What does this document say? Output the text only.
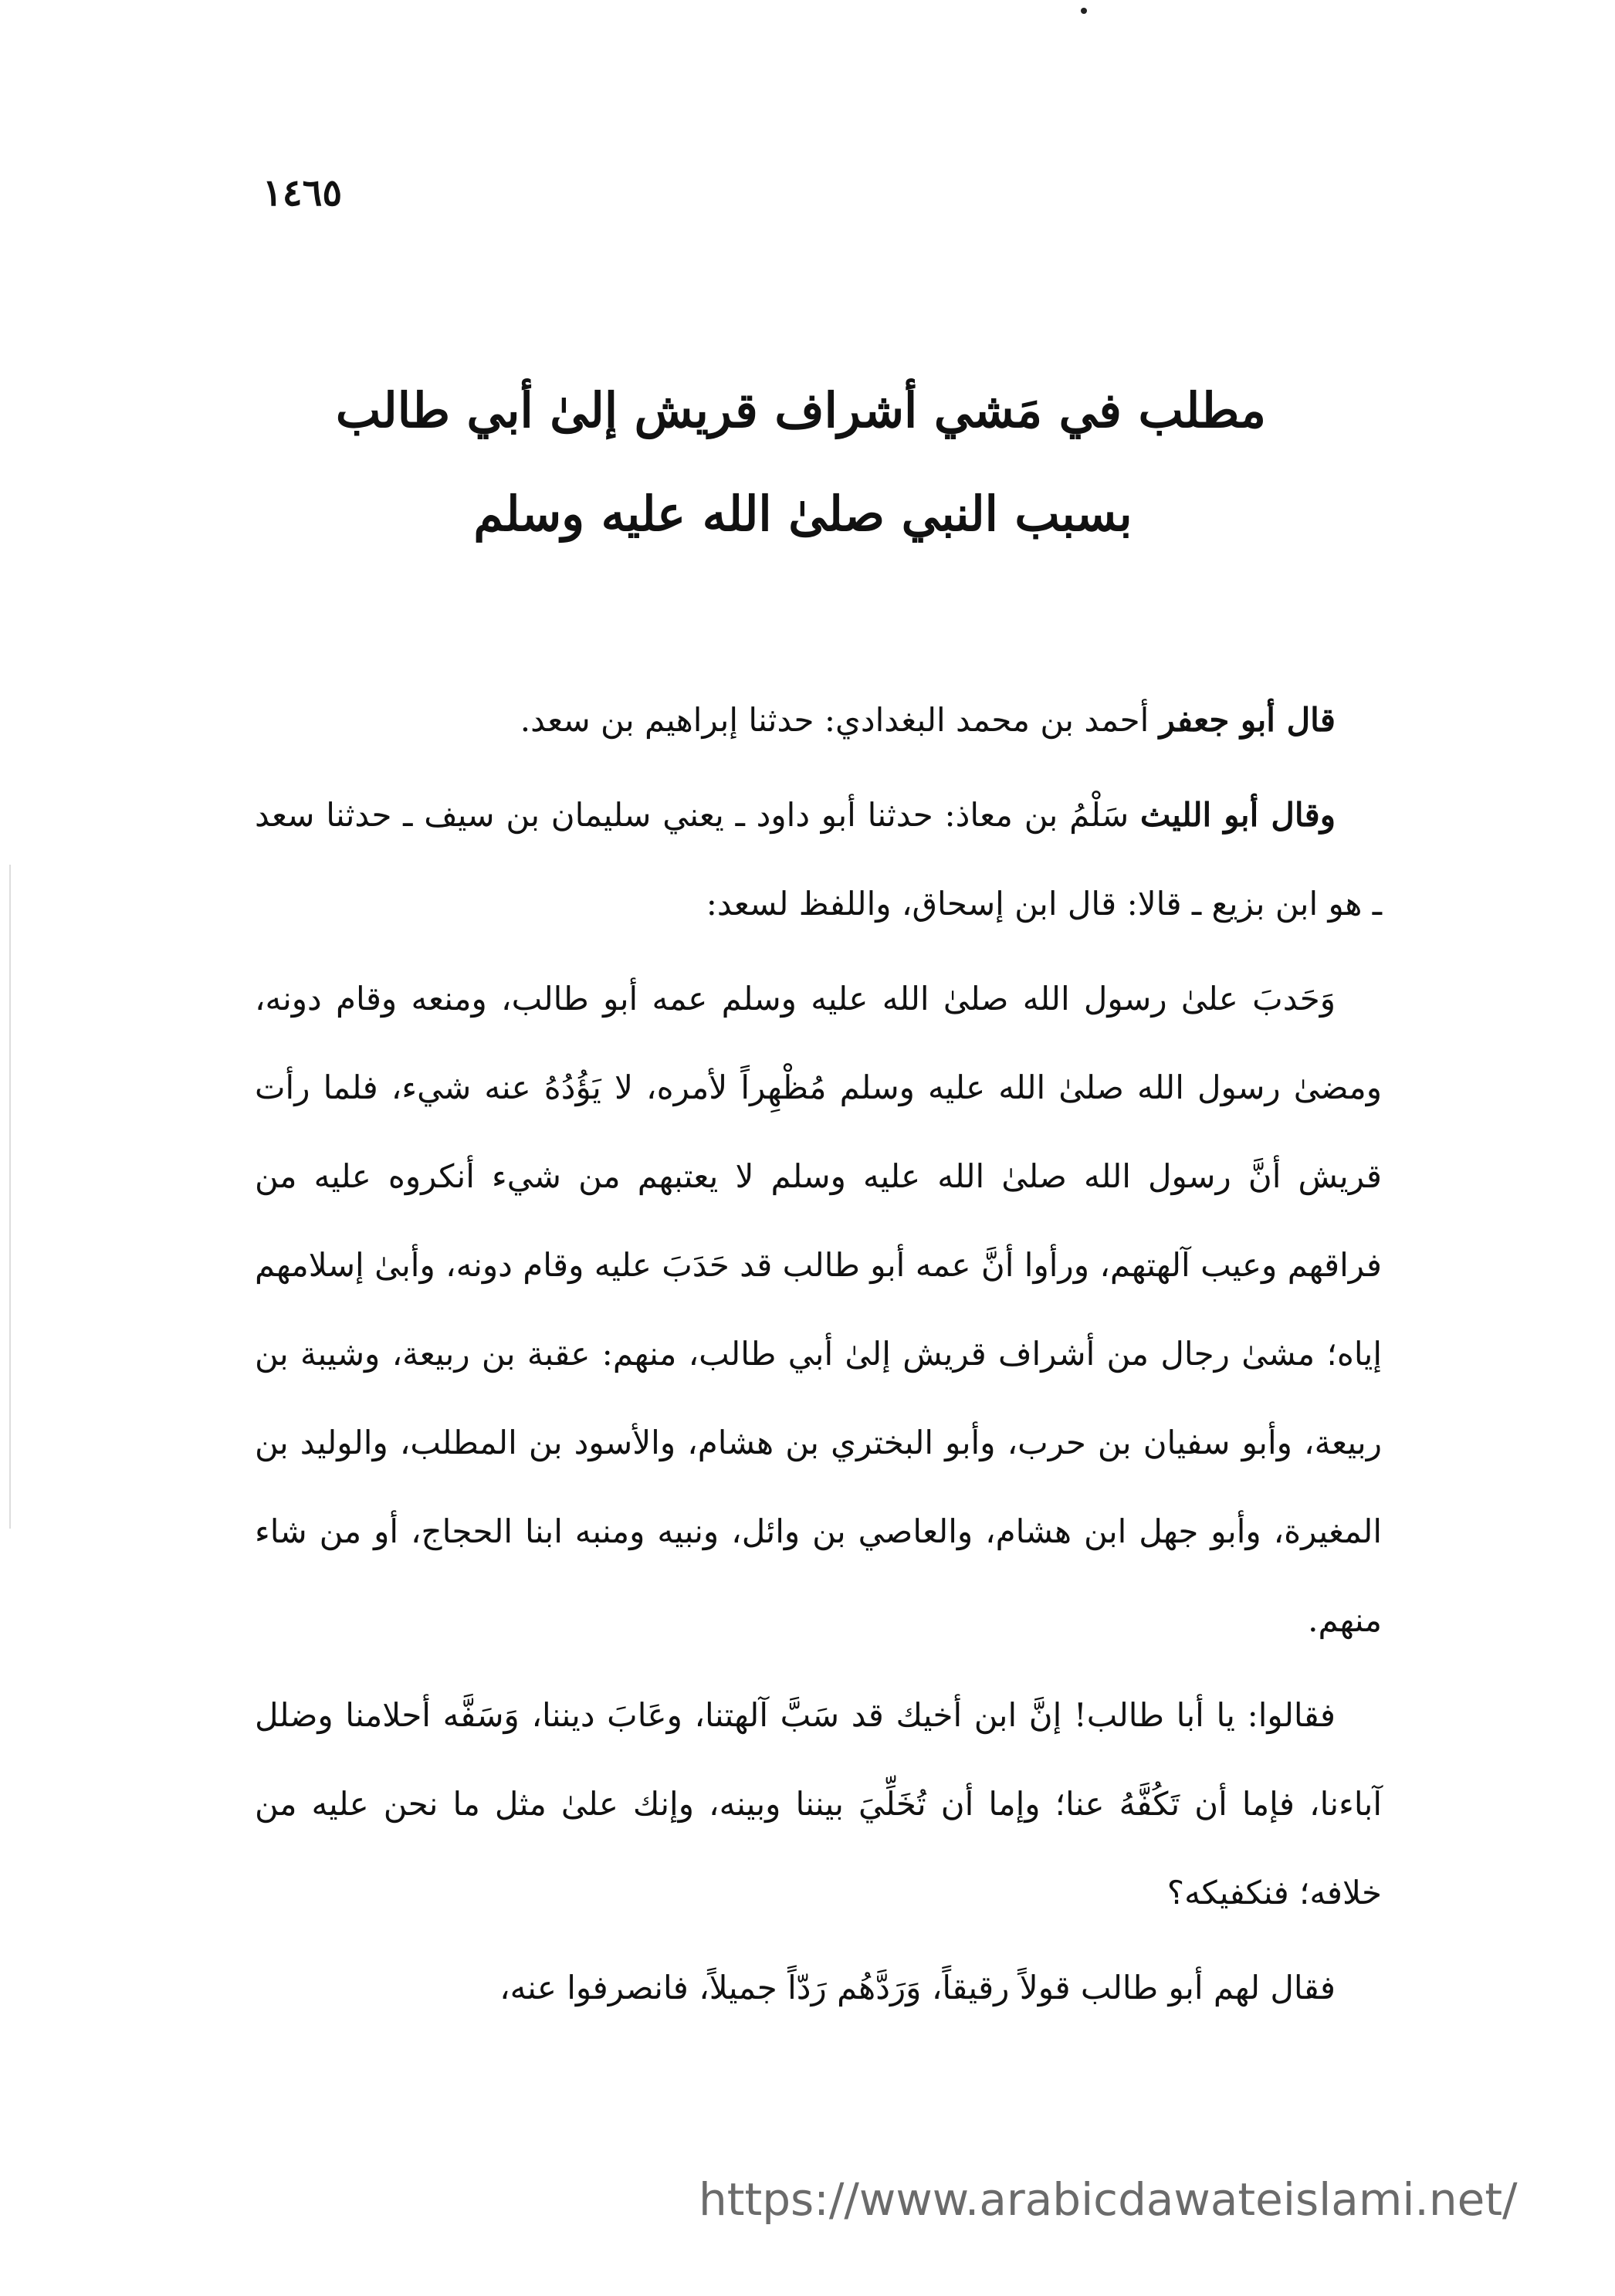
١٤٦٥
مطلب في مَشي أشراف قريش إلىٰ أبي طالب
بسبب النبي صلىٰ الله عليه وسلم

قال أبو جعفر أحمد بن محمد البغدادي: حدثنا إبراهيم بن سعد.

وقال أبو الليث سَلْمُ بن معاذ: حدثنا أبو داود ـ يعني سليمان بن سيف ـ حدثنا سعد ـ هو ابن بزيع ـ قالا: قال ابن إسحاق، واللفظ لسعد:

وَحَدبَ علىٰ رسول الله صلىٰ الله عليه وسلم عمه أبو طالب، ومنعه وقام دونه، ومضىٰ رسول الله صلىٰ الله عليه وسلم مُظْهِراً لأمره، لا يَؤُدُهُ عنه شيء، فلما رأت قريش أنَّ رسول الله صلىٰ الله عليه وسلم لا يعتبهم من شيء أنكروه عليه من فراقهم وعيب آلهتهم، ورأوا أنَّ عمه أبو طالب قد حَدَبَ عليه وقام دونه، وأبىٰ إسلامهم إياه؛ مشىٰ رجال من أشراف قريش إلىٰ أبي طالب، منهم: عقبة بن ربيعة، وشيبة بن ربيعة، وأبو سفيان بن حرب، وأبو البختري بن هشام، والأسود بن المطلب، والوليد بن المغيرة، وأبو جهل ابن هشام، والعاصي بن وائل، ونبيه ومنبه ابنا الحجاج، أو من شاء منهم.

فقالوا: يا أبا طالب! إنَّ ابن أخيك قد سَبَّ آلهتنا، وعَابَ ديننا، وَسَفَّه أحلامنا وضلل آباءنا، فإما أن تَكُفَّهُ عنا؛ وإما أن تُخَلِّيَ بيننا وبينه، وإنك علىٰ مثل ما نحن عليه من خلافه؛ فنكفيكه؟

فقال لهم أبو طالب قولاً رقيقاً، وَرَدَّهُم رَدّاً جميلاً، فانصرفوا عنه،

https://www.arabicdawateislami.net/
